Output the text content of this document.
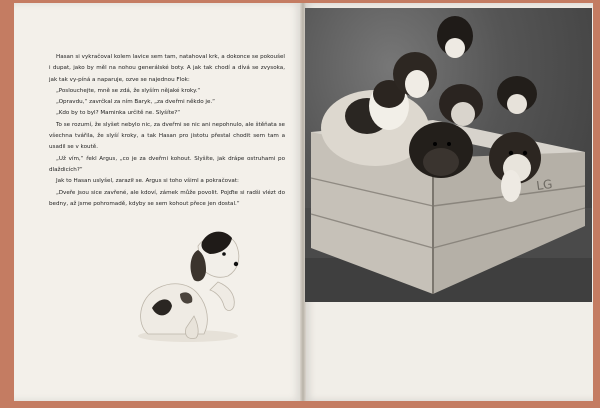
Hasan si vykračoval kolem lavice sem tam, natahoval krk, a dokonce se pokoušel i dupat, jako by měl na nohou generálské boty. A jak tak chodí a dívá se zvysoka, jak tak vy-píná a naparuje, ozve se najednou Flok:

„Poslouchejte, mně se zdá, že slyším nějaké kroky.“

„Opravdu,“ zavrčkal za ním Baryk, „za dveřmi někdo je.“

„Kdo by to byl? Maminka určitě ne. Slyšíte?“

To se rozumí, že slyšet nebylo nic, za dveřmi se nic ani nepohnulo, ale štěňata se všechna tvářila, že slyší kroky, a tak Hasan pro jistotu přestal chodit sem tam a usadil se v koutě.

„Už vím,“ řekl Argus, „co je za dveřmi kohout. Slyšíte, jak drápe ostruhami po dlaždicích?“

Jak to Hasan uslyšel, zaraził se. Argus si toho všiml a pokračovat:

„Dveře jsou sice zavřené, ale kdoví, zámek může povolit. Pojďte si radši vlézt do bedny, až jsme pohromadě, kdyby se sem kohout přece jen dostal.“

LG
